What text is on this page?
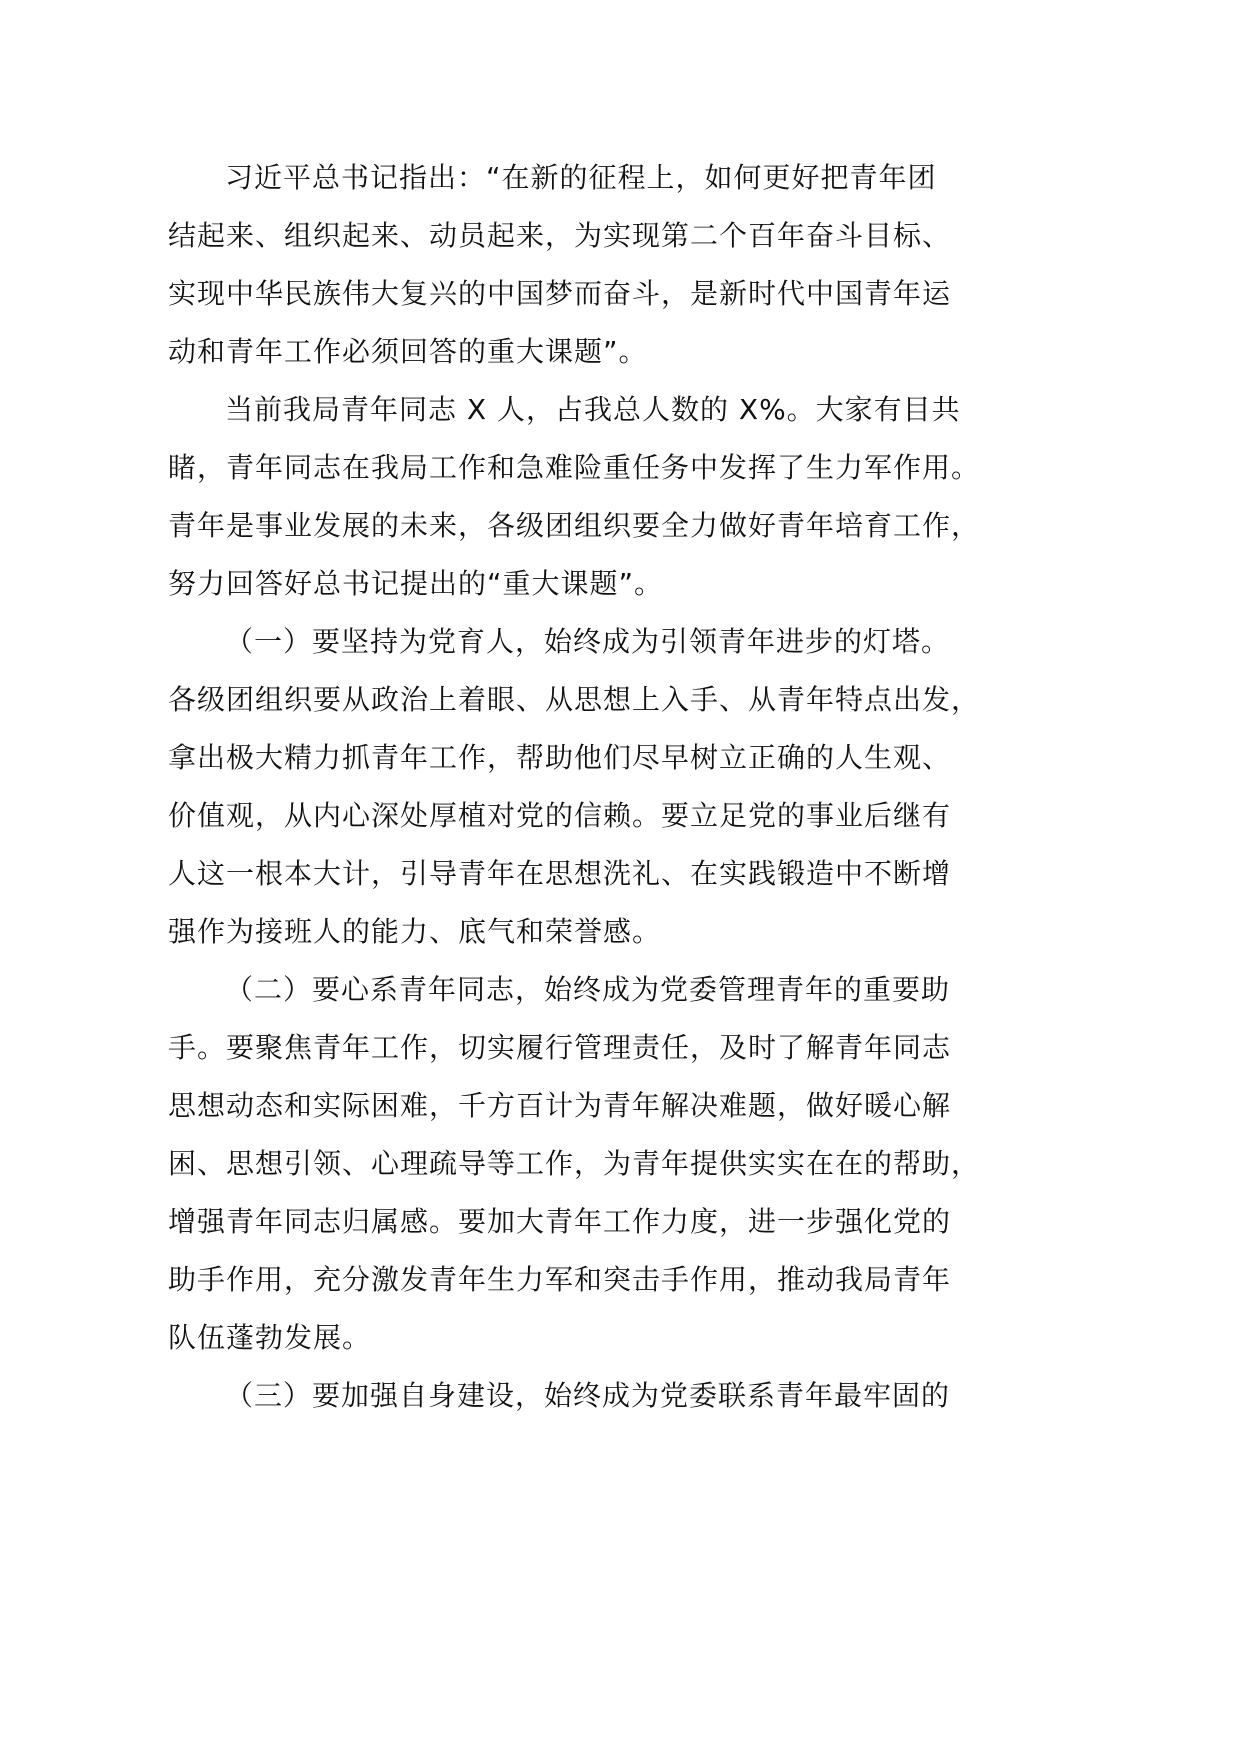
习近平总书记指出：“在新的征程上，如何更好把青年团
结起来、组织起来、动员起来，为实现第二个百年奋斗目标、
实现中华民族伟大复兴的中国梦而奋斗，是新时代中国青年运
动和青年工作必须回答的重大课题”。
当前我局青年同志 X 人，占我总人数的 X%。大家有目共
睹，青年同志在我局工作和急难险重任务中发挥了生力军作用。
青年是事业发展的未来，各级团组织要全力做好青年培育工作，
努力回答好总书记提出的“重大课题”。
（一）要坚持为党育人，始终成为引领青年进步的灯塔。
各级团组织要从政治上着眼、从思想上入手、从青年特点出发，
拿出极大精力抓青年工作，帮助他们尽早树立正确的人生观、
价值观，从内心深处厚植对党的信赖。要立足党的事业后继有
人这一根本大计，引导青年在思想洗礼、在实践锻造中不断增
强作为接班人的能力、底气和荣誉感。
（二）要心系青年同志，始终成为党委管理青年的重要助
手。要聚焦青年工作，切实履行管理责任，及时了解青年同志
思想动态和实际困难，千方百计为青年解决难题，做好暖心解
困、思想引领、心理疏导等工作，为青年提供实实在在的帮助，
增强青年同志归属感。要加大青年工作力度，进一步强化党的
助手作用，充分激发青年生力军和突击手作用，推动我局青年
队伍蓬勃发展。
（三）要加强自身建设，始终成为党委联系青年最牢固的
